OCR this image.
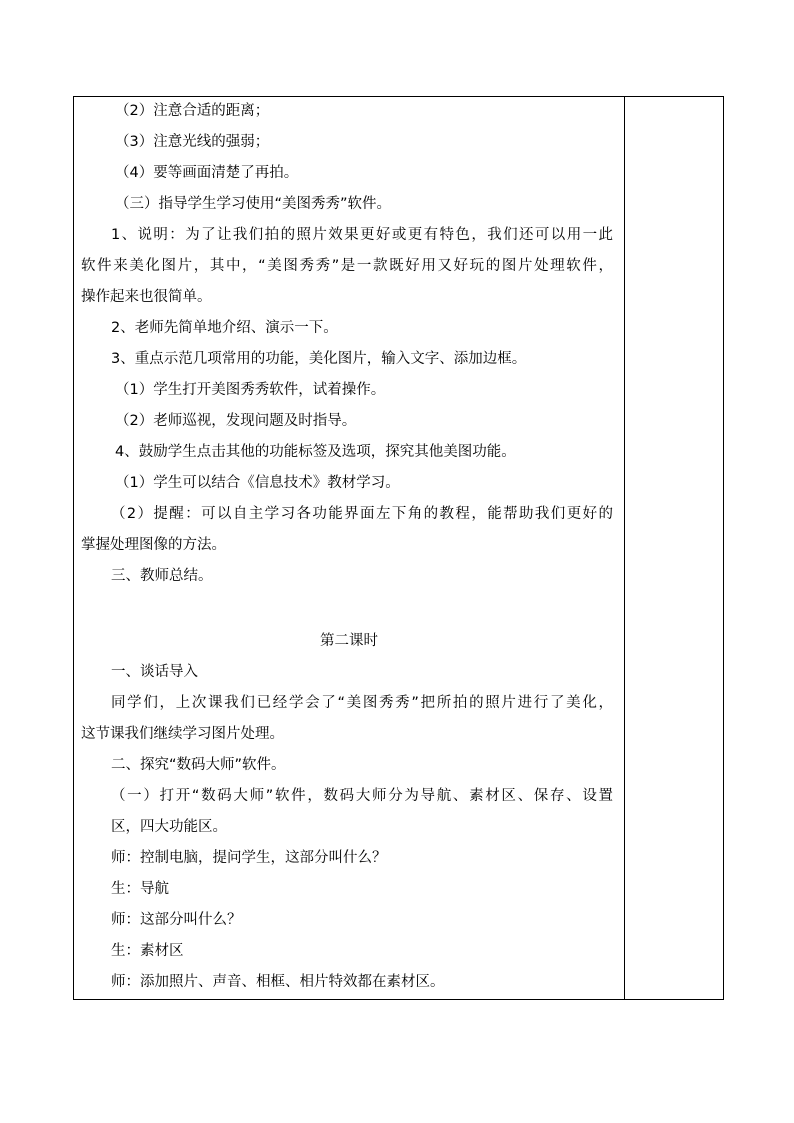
（2）注意合适的距离；
（3）注意光线的强弱；
（4）要等画面清楚了再拍。
（三）指导学生学习使用“美图秀秀”软件。
1、说明：为了让我们拍的照片效果更好或更有特色，我们还可以用一此
软件来美化图片，其中，“美图秀秀”是一款既好用又好玩的图片处理软件，
操作起来也很简单。
2、老师先简单地介绍、演示一下。
3、重点示范几项常用的功能，美化图片，输入文字、添加边框。
（1）学生打开美图秀秀软件，试着操作。
（2）老师巡视，发现问题及时指导。
4、鼓励学生点击其他的功能标签及选项，探究其他美图功能。
（1）学生可以结合《信息技术》教材学习。
（2）提醒：可以自主学习各功能界面左下角的教程，能帮助我们更好的
掌握处理图像的方法。
三、教师总结。
第二课时
一、谈话导入
同学们，上次课我们已经学会了“美图秀秀”把所拍的照片进行了美化，
这节课我们继续学习图片处理。
二、探究“数码大师”软件。
（一）打开“数码大师”软件，数码大师分为导航、素材区、保存、设置
区，四大功能区。
师：控制电脑，提问学生，这部分叫什么？
生：导航
师：这部分叫什么？
生：素材区
师：添加照片、声音、相框、相片特效都在素材区。
